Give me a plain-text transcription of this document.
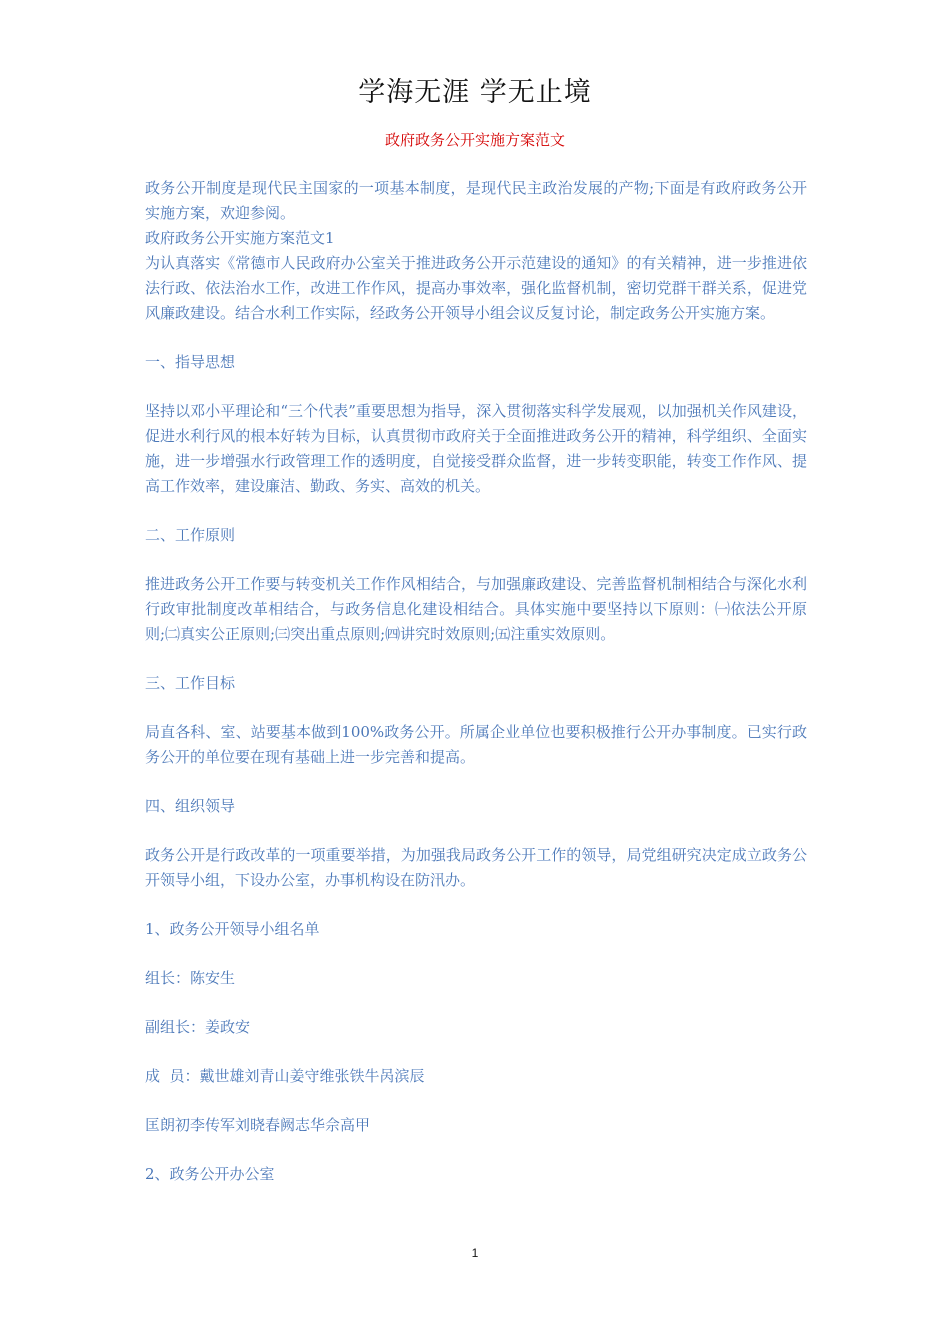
学海无涯 学无止境
政府政务公开实施方案范文

政务公开制度是现代民主国家的一项基本制度，是现代民主政治发展的产物;下面是有政府政务公开实施方案，欢迎参阅。

政府政务公开实施方案范文1

为认真落实《常德市人民政府办公室关于推进政务公开示范建设的通知》的有关精神，进一步推进依法行政、依法治水工作，改进工作作风，提高办事效率，强化监督机制，密切党群干群关系，促进党风廉政建设。结合水利工作实际，经政务公开领导小组会议反复讨论，制定政务公开实施方案。

一、指导思想

坚持以邓小平理论和“三个代表”重要思想为指导，深入贯彻落实科学发展观，以加强机关作风建设，促进水利行风的根本好转为目标，认真贯彻市政府关于全面推进政务公开的精神，科学组织、全面实施，进一步增强水行政管理工作的透明度，自觉接受群众监督，进一步转变职能，转变工作作风、提高工作效率，建设廉洁、勤政、务实、高效的机关。

二、工作原则

推进政务公开工作要与转变机关工作作风相结合，与加强廉政建设、完善监督机制相结合与深化水利行政审批制度改革相结合，与政务信息化建设相结合。具体实施中要坚持以下原则：㈠依法公开原则;㈡真实公正原则;㈢突出重点原则;㈣讲究时效原则;㈤注重实效原则。

三、工作目标

局直各科、室、站要基本做到100%政务公开。所属企业单位也要积极推行公开办事制度。已实行政务公开的单位要在现有基础上进一步完善和提高。

四、组织领导

政务公开是行政改革的一项重要举措，为加强我局政务公开工作的领导，局党组研究决定成立政务公开领导小组，下设办公室，办事机构设在防汛办。

1、政务公开领导小组名单

组长：陈安生

副组长：姜政安

成  员：戴世雄刘青山姜守维张铁牛呙滨辰

匡朗初李传军刘晓春阙志华佘高甲

2、政务公开办公室

1
